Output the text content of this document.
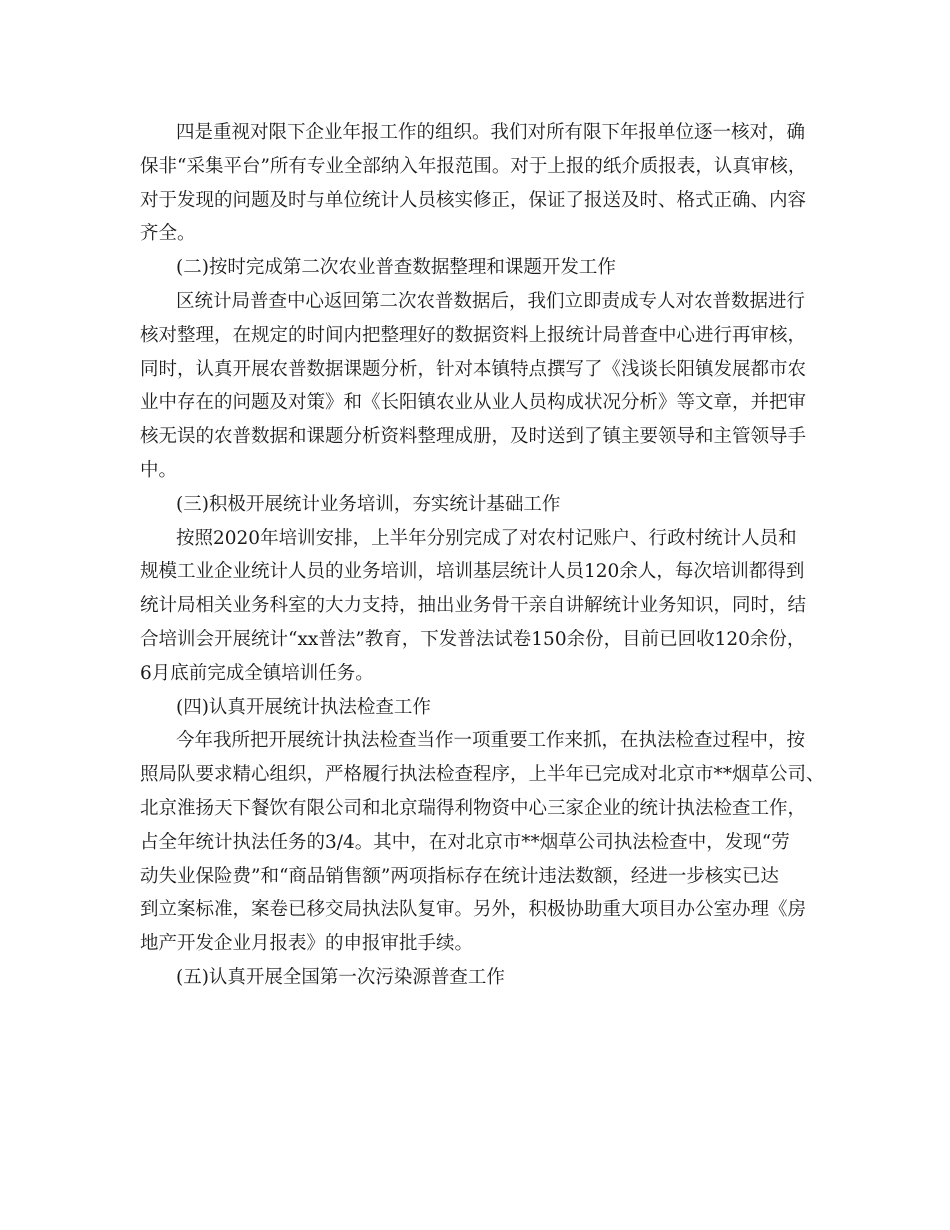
四是重视对限下企业年报工作的组织。我们对所有限下年报单位逐一核对，确
保非“采集平台”所有专业全部纳入年报范围。对于上报的纸介质报表，认真审核，
对于发现的问题及时与单位统计人员核实修正，保证了报送及时、格式正确、内容
齐全。
(二)按时完成第二次农业普查数据整理和课题开发工作
区统计局普查中心返回第二次农普数据后，我们立即责成专人对农普数据进行
核对整理，在规定的时间内把整理好的数据资料上报统计局普查中心进行再审核，
同时，认真开展农普数据课题分析，针对本镇特点撰写了《浅谈长阳镇发展都市农
业中存在的问题及对策》和《长阳镇农业从业人员构成状况分析》等文章，并把审
核无误的农普数据和课题分析资料整理成册，及时送到了镇主要领导和主管领导手
中。
(三)积极开展统计业务培训，夯实统计基础工作
按照2020年培训安排，上半年分别完成了对农村记账户、行政村统计人员和
规模工业企业统计人员的业务培训，培训基层统计人员120余人，每次培训都得到
统计局相关业务科室的大力支持，抽出业务骨干亲自讲解统计业务知识，同时，结
合培训会开展统计“xx普法”教育，下发普法试卷150余份，目前已回收120余份，
6月底前完成全镇培训任务。
(四)认真开展统计执法检查工作
今年我所把开展统计执法检查当作一项重要工作来抓，在执法检查过程中，按
照局队要求精心组织，严格履行执法检查程序，上半年已完成对北京市**烟草公司、
北京淮扬天下餐饮有限公司和北京瑞得利物资中心三家企业的统计执法检查工作，
占全年统计执法任务的3/4。其中，在对北京市**烟草公司执法检查中，发现“劳
动失业保险费”和“商品销售额”两项指标存在统计违法数额，经进一步核实已达
到立案标准，案卷已移交局执法队复审。另外，积极协助重大项目办公室办理《房
地产开发企业月报表》的申报审批手续。
(五)认真开展全国第一次污染源普查工作
